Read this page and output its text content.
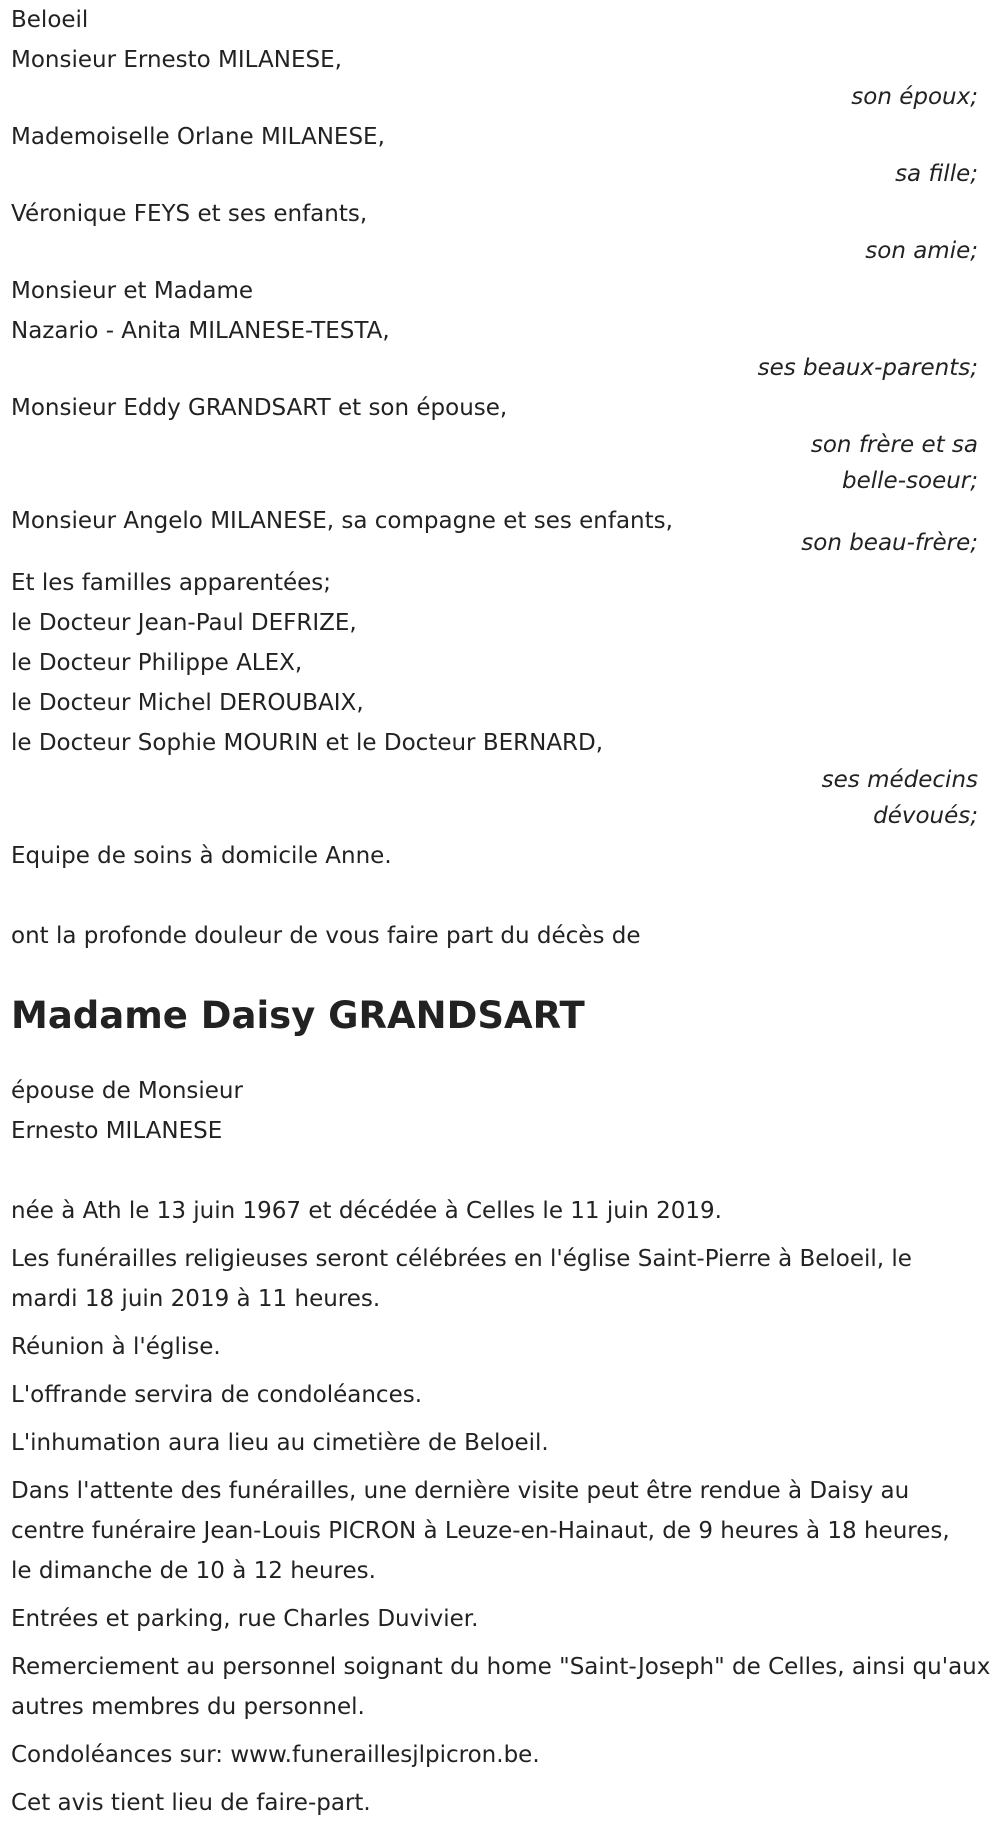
Beloeil
Monsieur Ernesto MILANESE,
son époux;
Mademoiselle Orlane MILANESE,
sa fille;
Véronique FEYS et ses enfants,
son amie;
Monsieur et Madame
Nazario - Anita MILANESE-TESTA,
ses beaux-parents;
Monsieur Eddy GRANDSART et son épouse,
son frère et sa
belle-soeur;
Monsieur Angelo MILANESE, sa compagne et ses enfants,
son beau-frère;
Et les familles apparentées;
le Docteur Jean-Paul DEFRIZE,
le Docteur Philippe ALEX,
le Docteur Michel DEROUBAIX,
le Docteur Sophie MOURIN et le Docteur BERNARD,
ses médecins
dévoués;
Equipe de soins à domicile Anne.
ont la profonde douleur de vous faire part du décès de
Madame Daisy GRANDSART
épouse de Monsieur
Ernesto MILANESE
née à Ath le 13 juin 1967 et décédée à Celles le 11 juin 2019.
Les funérailles religieuses seront célébrées en l'église Saint-Pierre à Beloeil, le mardi 18 juin 2019 à 11 heures.
Réunion à l'église.
L'offrande servira de condoléances.
L'inhumation aura lieu au cimetière de Beloeil.
Dans l'attente des funérailles, une dernière visite peut être rendue à Daisy au centre funéraire Jean-Louis PICRON à Leuze-en-Hainaut, de 9 heures à 18 heures, le dimanche de 10 à 12 heures.
Entrées et parking, rue Charles Duvivier.
Remerciement au personnel soignant du home "Saint-Joseph" de Celles, ainsi qu'aux autres membres du personnel.
Condoléances sur: www.funeraillesjlpicron.be.
Cet avis tient lieu de faire-part.
